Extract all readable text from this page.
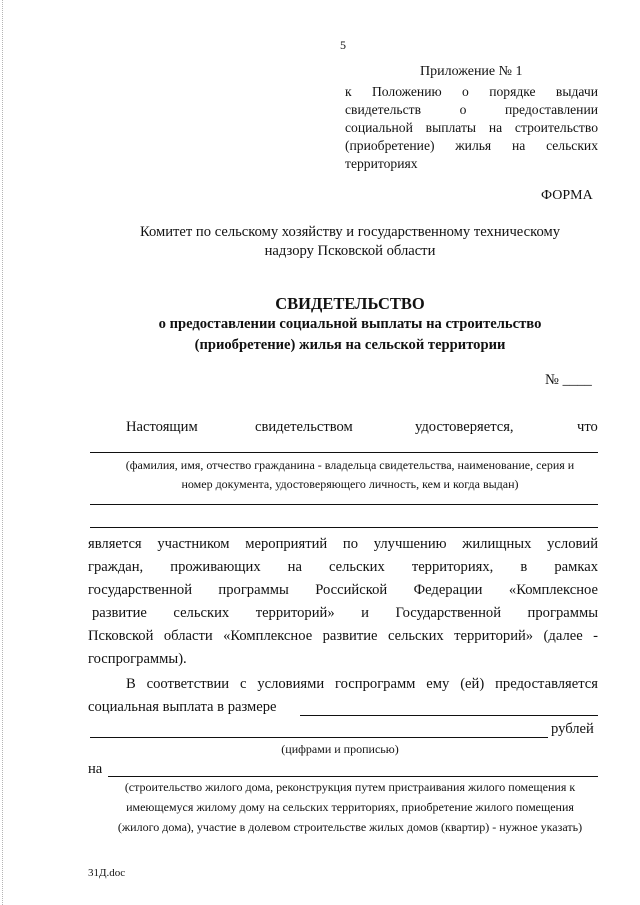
5
Приложение № 1
к Положению о порядке выдачи
свидетельств о предоставлении
социальной выплаты на строительство
(приобретение) жилья на сельских
территориях
ФОРМА
Комитет по сельскому хозяйству и государственному техническому
надзору Псковской области
СВИДЕТЕЛЬСТВО
о предоставлении социальной выплаты на строительство
(приобретение) жилья на сельской территории
№ ____
Настоящим	свидетельством	удостоверяется,	что
(фамилия, имя, отчество гражданина - владельца свидетельства, наименование, серия и
номер документа, удостоверяющего личность, кем и когда выдан)
является участником мероприятий по улучшению жилищных условий
граждан, проживающих на сельских территориях, в рамках
государственной программы Российской Федерации «Комплексное
развитие сельских территорий» и Государственной программы
Псковской области «Комплексное развитие сельских территорий» (далее -
госпрограммы).
В соответствии с условиями госпрограмм ему (ей) предоставляется
социальная выплата в размере
рублей
(цифрами и прописью)
на
(строительство жилого дома, реконструкция путем пристраивания жилого помещения к
имеющемуся жилому дому на сельских территориях, приобретение жилого помещения
(жилого дома), участие в долевом строительстве жилых домов (квартир) - нужное указать)
31Д.doc
